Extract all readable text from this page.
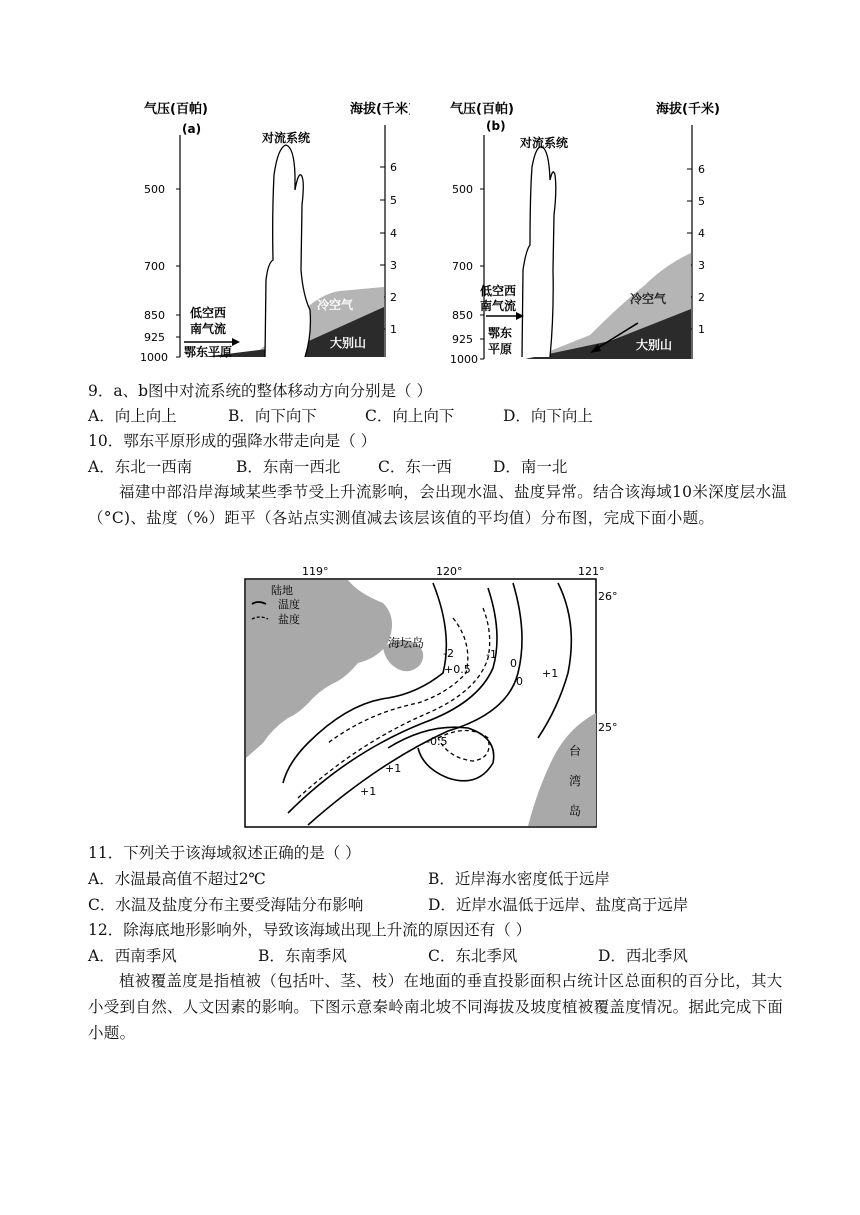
气压(百帕)
(a)
海拔(千米)
500
700
850
925
1000
6
5
4
3
2
1
对流系统
冷空气
大别山
低空西
南气流
鄂东平原
气压(百帕)
(b)
海拔(千米)
500
700
850
925
1000
6
5
4
3
2
1
对流系统
冷空气
大别山
低空西
南气流
鄂东
平原
9．a、b图中对流系统的整体移动方向分别是（ ）
A．向上向上	B．向下向下	C．向上向下	D．向下向上
10．鄂东平原形成的强降水带走向是（ ）
A．东北一西南	B．东南一西北 C．东一西	D．南一北
福建中部沿岸海域某些季节受上升流影响，会出现水温、盐度异常。结合该海域10米深度层水温（°C)、盐度（%）距平（各站点实测值减去该层该值的平均值）分布图，完成下面小题。
119°	120°	121°
陆地
温度
盐度
海坛岛
-2	-1
0
0
+0.5	+1
-0.5
+1
+1
26°
25°
台
湾
岛
11．下列关于该海域叙述正确的是（ ）
A．水温最高值不超过2℃	B．近岸海水密度低于远岸
C．水温及盐度分布主要受海陆分布影响	D．近岸水温低于远岸、盐度高于远岸
12．除海底地形影响外，导致该海域出现上升流的原因还有（ ）
A．西南季风	B．东南季风	C．东北季风	D．西北季风
植被覆盖度是指植被（包括叶、茎、枝）在地面的垂直投影面积占统计区总面积的百分比，其大小受到自然、人文因素的影响。下图示意秦岭南北坡不同海拔及坡度植被覆盖度情况。据此完成下面小题。
